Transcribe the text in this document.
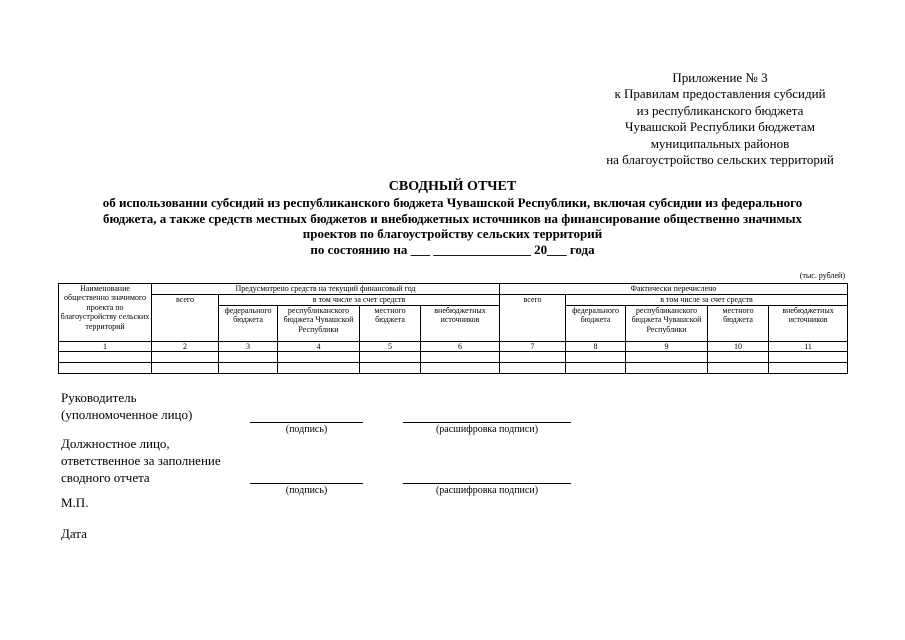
Приложение № 3
к Правилам предоставления субсидий
из республиканского бюджета
Чувашской Республики бюджетам
муниципальных районов
на благоустройство сельских территорий
СВОДНЫЙ ОТЧЕТ
об использовании субсидий из республиканского бюджета Чувашской Республики, включая субсидии из федерального
бюджета, а также средств местных бюджетов и внебюджетных источников на финансирование общественно значимых
проектов по благоустройству сельских территорий
по состоянию на ___ _______________ 20___ года
(тыс. рублей)
Наименование общественно значимого проекта по благоустройству сельских территорий	Предусмотрено средств на текущий финансовый год					Фактически перечислено				
	всего	в том числе за счет средств				всего	в том числе за счет средств			
		федерального бюджета	республиканского бюджета Чувашской Республики	местного бюджета	внебюджетных источников		федерального бюджета	республиканского бюджета Чувашской Республики	местного бюджета	внебюджетных источников
1	2	3	4	5	6	7	8	9	10	11

Руководитель
(уполномоченное лицо)
(подпись)	(расшифровка подписи)
Должностное лицо,
ответственное за заполнение
сводного отчета
(подпись)	(расшифровка подписи)
М.П.
Дата
